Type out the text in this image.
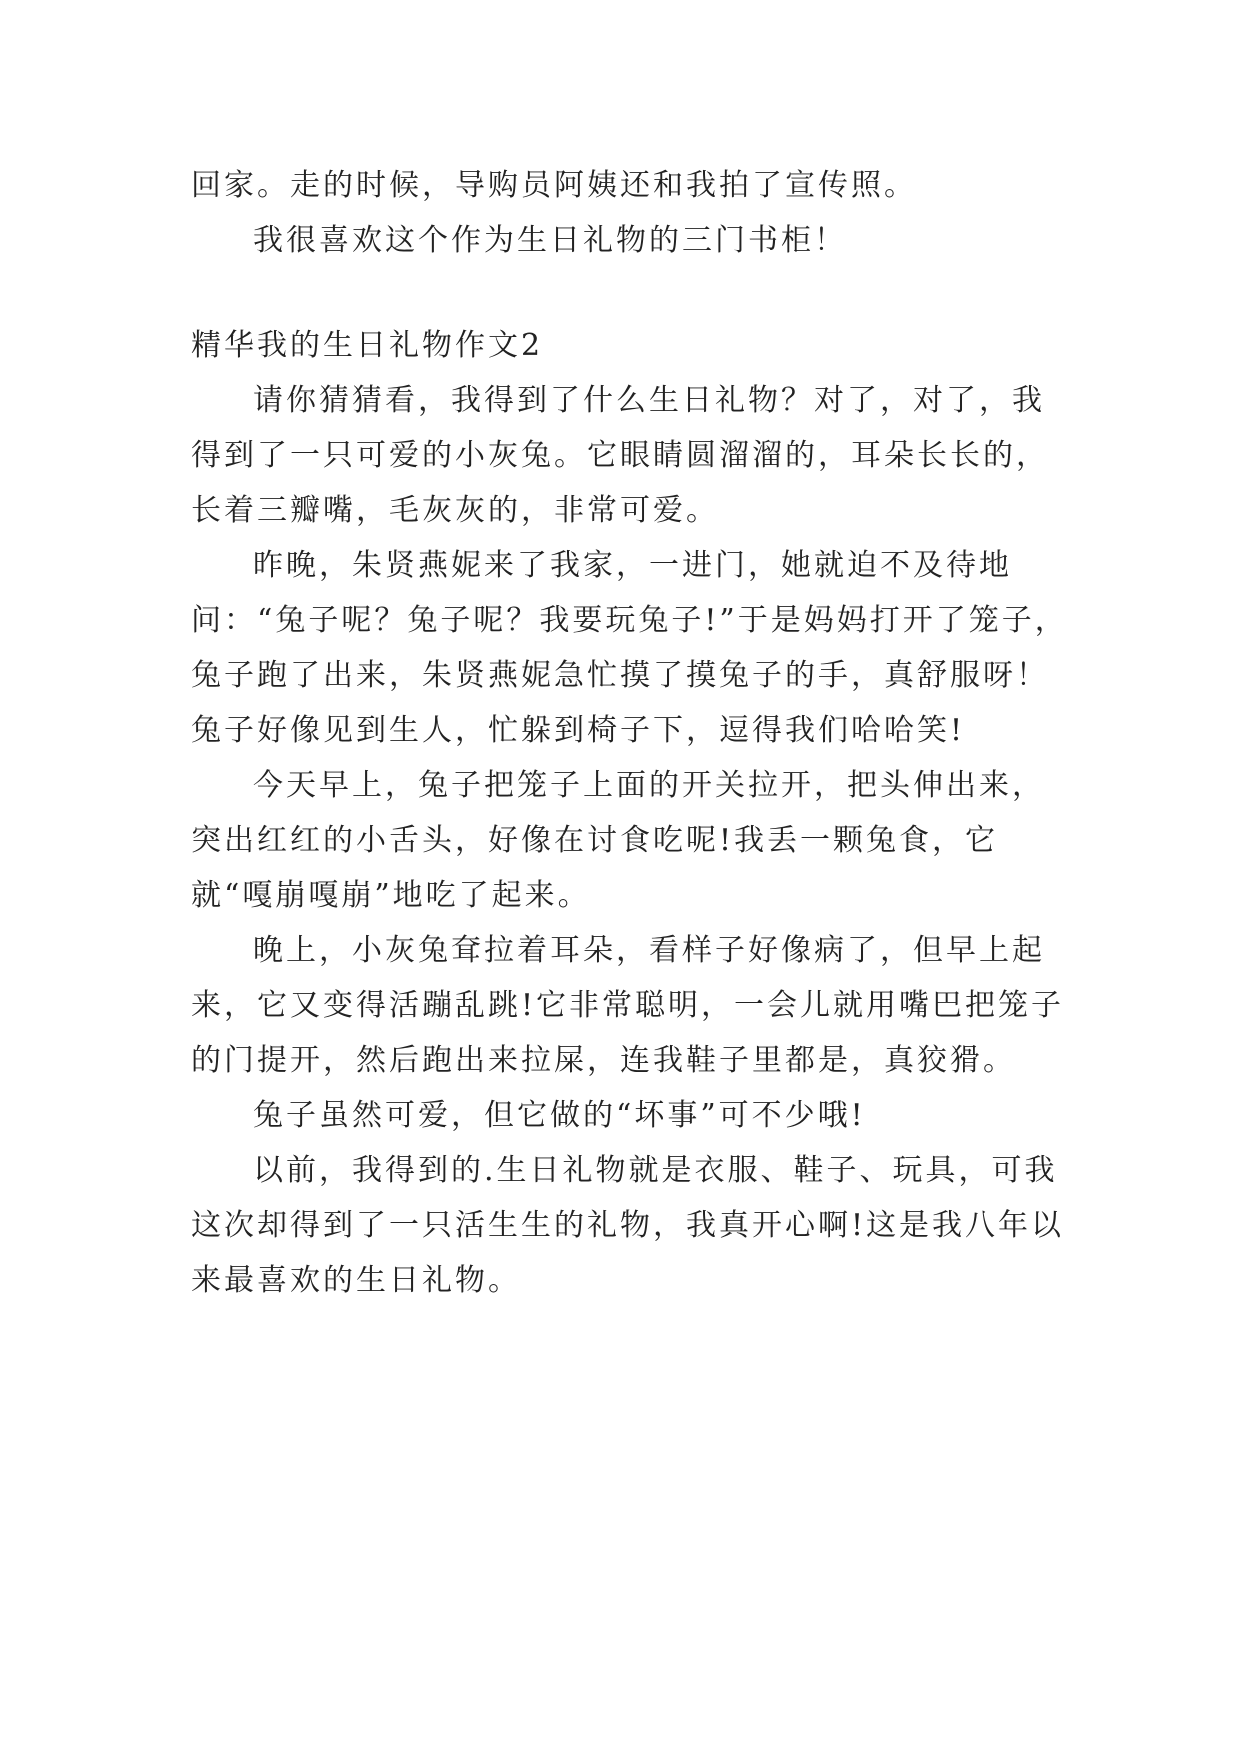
回家。走的时候，导购员阿姨还和我拍了宣传照。

我很喜欢这个作为生日礼物的三门书柜！

精华我的生日礼物作文2

请你猜猜看，我得到了什么生日礼物？对了，对了，我得到了一只可爱的小灰兔。它眼睛圆溜溜的，耳朵长长的，长着三瓣嘴，毛灰灰的，非常可爱。

昨晚，朱贤燕妮来了我家，一进门，她就迫不及待地问：“兔子呢？兔子呢？我要玩兔子!”于是妈妈打开了笼子，兔子跑了出来，朱贤燕妮急忙摸了摸兔子的手，真舒服呀！兔子好像见到生人，忙躲到椅子下，逗得我们哈哈笑!

今天早上，兔子把笼子上面的开关拉开，把头伸出来，突出红红的小舌头，好像在讨食吃呢!我丢一颗兔食，它就“嘎崩嘎崩”地吃了起来。

晚上，小灰兔耷拉着耳朵，看样子好像病了，但早上起来，它又变得活蹦乱跳!它非常聪明，一会儿就用嘴巴把笼子的门提开，然后跑出来拉屎，连我鞋子里都是，真狡猾。

兔子虽然可爱，但它做的“坏事”可不少哦!

以前，我得到的.生日礼物就是衣服、鞋子、玩具，可我这次却得到了一只活生生的礼物，我真开心啊!这是我八年以来最喜欢的生日礼物。
